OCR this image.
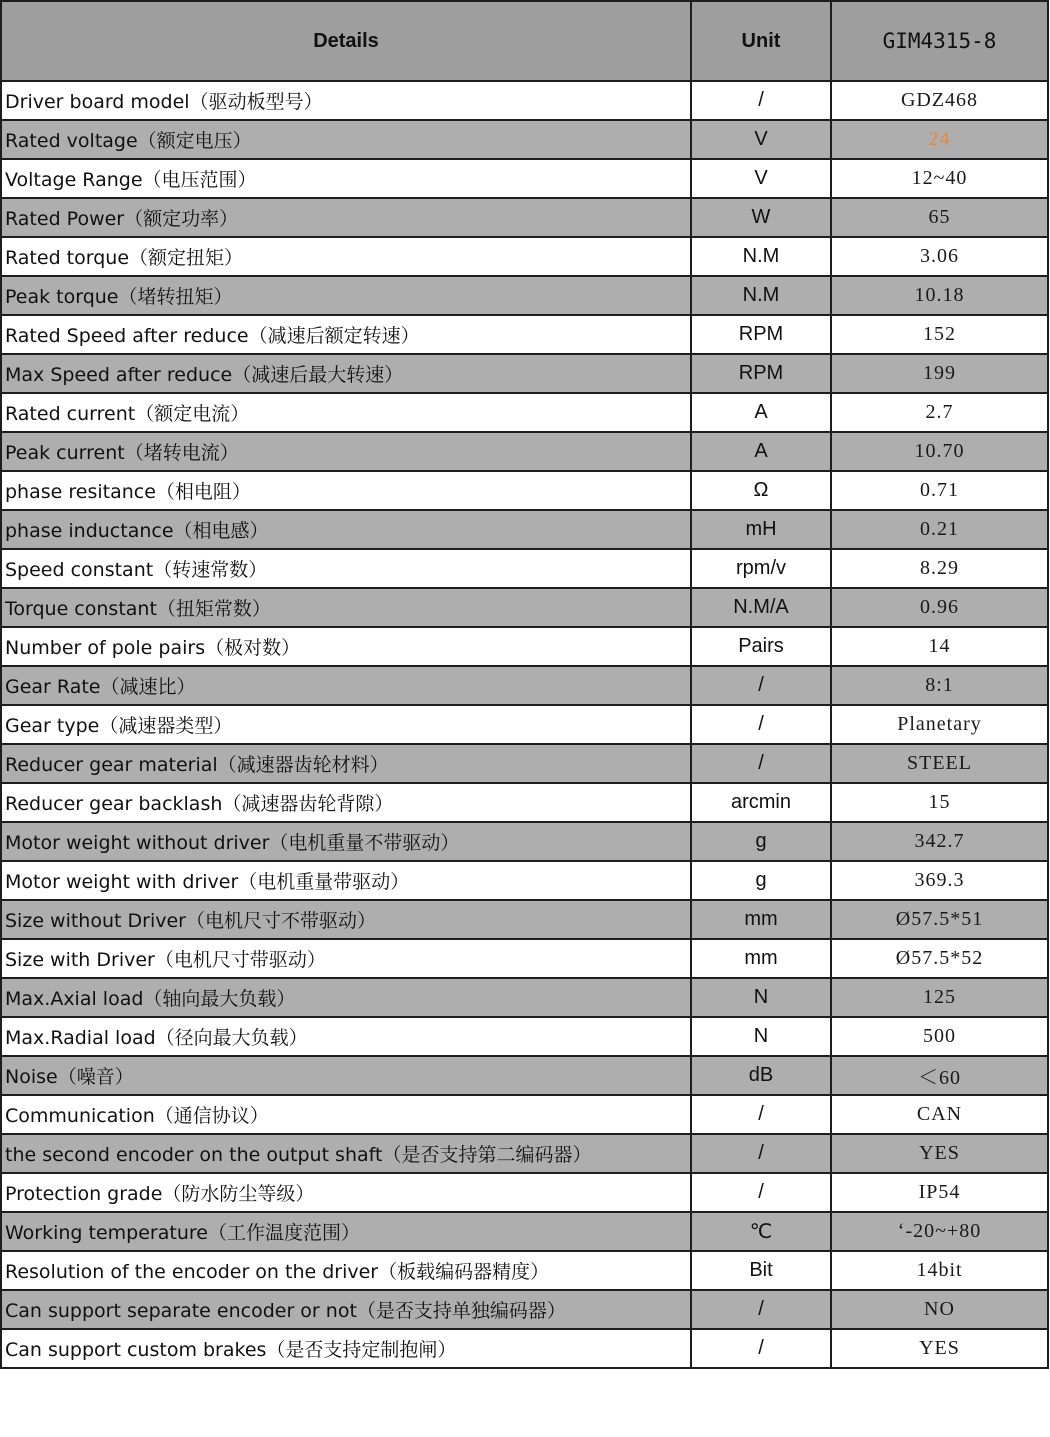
Details	Unit	GIM4315-8
Driver board model（驱动板型号）	/	GDZ468
Rated voltage（额定电压）	V	24
Voltage Range（电压范围）	V	12~40
Rated Power（额定功率）	W	65
Rated torque（额定扭矩）	N.M	3.06
Peak torque（堵转扭矩）	N.M	10.18
Rated Speed after reduce（减速后额定转速）	RPM	152
Max Speed after reduce（减速后最大转速）	RPM	199
Rated current（额定电流）	A	2.7
Peak current（堵转电流）	A	10.70
phase resitance（相电阻）	Ω	0.71
phase inductance（相电感）	mH	0.21
Speed constant（转速常数）	rpm/v	8.29
Torque constant（扭矩常数）	N.M/A	0.96
Number of pole pairs（极对数）	Pairs	14
Gear Rate（减速比）	/	8:1
Gear type（减速器类型）	/	Planetary
Reducer gear material（减速器齿轮材料）	/	STEEL
Reducer gear backlash（减速器齿轮背隙）	arcmin	15
Motor weight without driver（电机重量不带驱动）	g	342.7
Motor weight with driver（电机重量带驱动）	g	369.3
Size without Driver（电机尺寸不带驱动）	mm	Ø57.5*51
Size with Driver（电机尺寸带驱动）	mm	Ø57.5*52
Max.Axial load（轴向最大负载）	N	125
Max.Radial load（径向最大负载）	N	500
Noise（噪音）	dB	＜60
Communication（通信协议）	/	CAN
the second encoder on the output shaft（是否支持第二编码器）	/	YES
Protection grade（防水防尘等级）	/	IP54
Working temperature（工作温度范围）	℃	‘-20~+80
Resolution of the encoder on the driver（板载编码器精度）	Bit	14bit
Can support separate encoder or not（是否支持单独编码器）	/	NO
Can support custom brakes（是否支持定制抱闸）	/	YES
